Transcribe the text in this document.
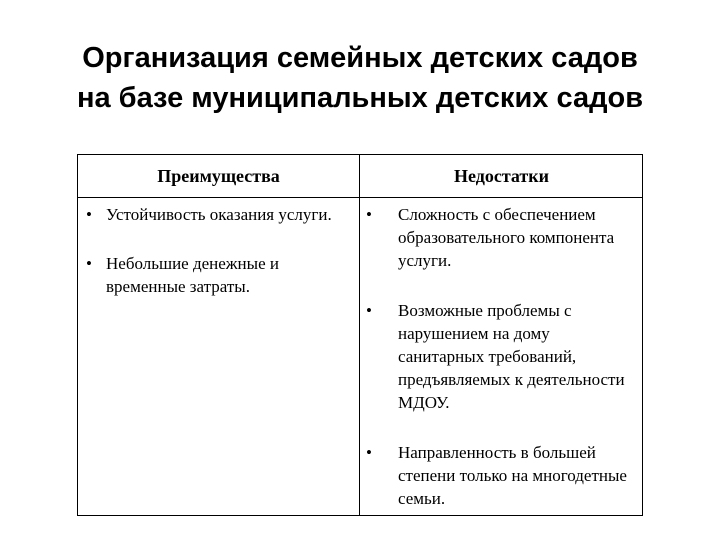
Организация семейных детских садов
на базе муниципальных детских садов
Преимущества	Недостатки
• Устойчивость оказания услуги.
• Небольшие денежные и временные затраты.
• Сложность с обеспечением образовательного компонента услуги.
• Возможные проблемы с нарушением на дому санитарных требований, предъявляемых к деятельности МДОУ.
• Направленность в большей степени только на многодетные семьи.
